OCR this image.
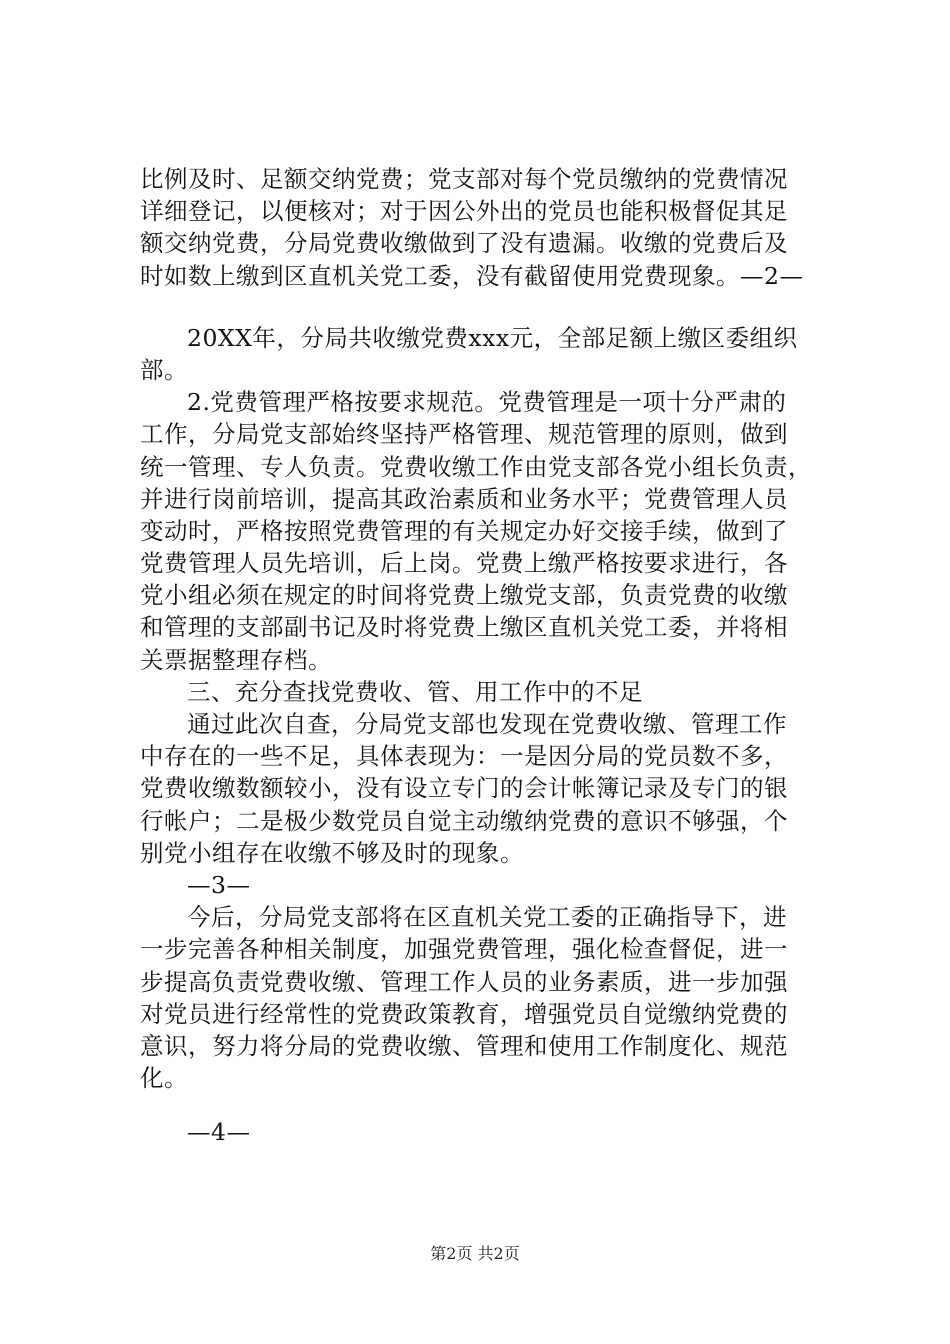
比例及时、足额交纳党费；党支部对每个党员缴纳的党费情况
详细登记，以便核对；对于因公外出的党员也能积极督促其足
额交纳党费，分局党费收缴做到了没有遗漏。收缴的党费后及
时如数上缴到区直机关党工委，没有截留使用党费现象。—2—
20XX年，分局共收缴党费xxx元，全部足额上缴区委组织
部。
2.党费管理严格按要求规范。党费管理是一项十分严肃的
工作，分局党支部始终坚持严格管理、规范管理的原则，做到
统一管理、专人负责。党费收缴工作由党支部各党小组长负责，
并进行岗前培训，提高其政治素质和业务水平；党费管理人员
变动时，严格按照党费管理的有关规定办好交接手续，做到了
党费管理人员先培训，后上岗。党费上缴严格按要求进行，各
党小组必须在规定的时间将党费上缴党支部，负责党费的收缴
和管理的支部副书记及时将党费上缴区直机关党工委，并将相
关票据整理存档。
三、充分查找党费收、管、用工作中的不足
通过此次自查，分局党支部也发现在党费收缴、管理工作
中存在的一些不足，具体表现为：一是因分局的党员数不多，
党费收缴数额较小，没有设立专门的会计帐簿记录及专门的银
行帐户；二是极少数党员自觉主动缴纳党费的意识不够强，个
别党小组存在收缴不够及时的现象。
—3—
今后，分局党支部将在区直机关党工委的正确指导下，进
一步完善各种相关制度，加强党费管理，强化检查督促，进一
步提高负责党费收缴、管理工作人员的业务素质，进一步加强
对党员进行经常性的党费政策教育，增强党员自觉缴纳党费的
意识，努力将分局的党费收缴、管理和使用工作制度化、规范
化。
—4—
第2页 共2页
